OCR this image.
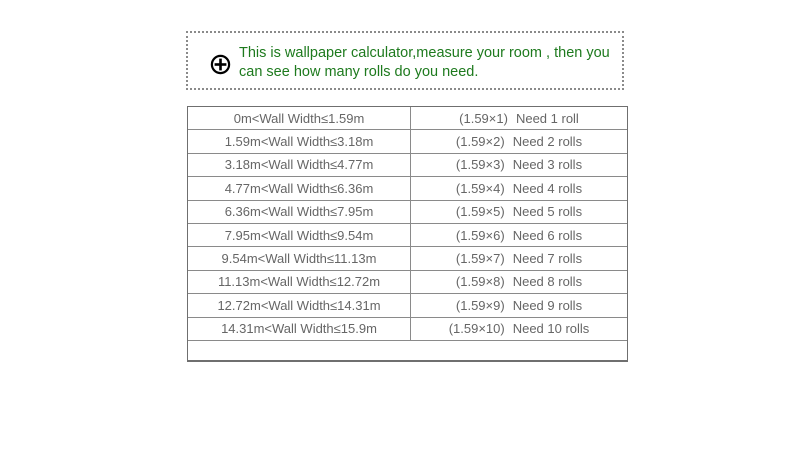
This is wallpaper calculator,measure your room , then you can see how many rolls do you need.
0m<Wall Width≤1.59m	(1.59×1) Need 1 roll
1.59m<Wall Width≤3.18m	(1.59×2) Need 2 rolls
3.18m<Wall Width≤4.77m	(1.59×3) Need 3 rolls
4.77m<Wall Width≤6.36m	(1.59×4) Need 4 rolls
6.36m<Wall Width≤7.95m	(1.59×5) Need 5 rolls
7.95m<Wall Width≤9.54m	(1.59×6) Need 6 rolls
9.54m<Wall Width≤11.13m	(1.59×7) Need 7 rolls
11.13m<Wall Width≤12.72m	(1.59×8) Need 8 rolls
12.72m<Wall Width≤14.31m	(1.59×9) Need 9 rolls
14.31m<Wall Width≤15.9m	(1.59×10) Need 10 rolls
